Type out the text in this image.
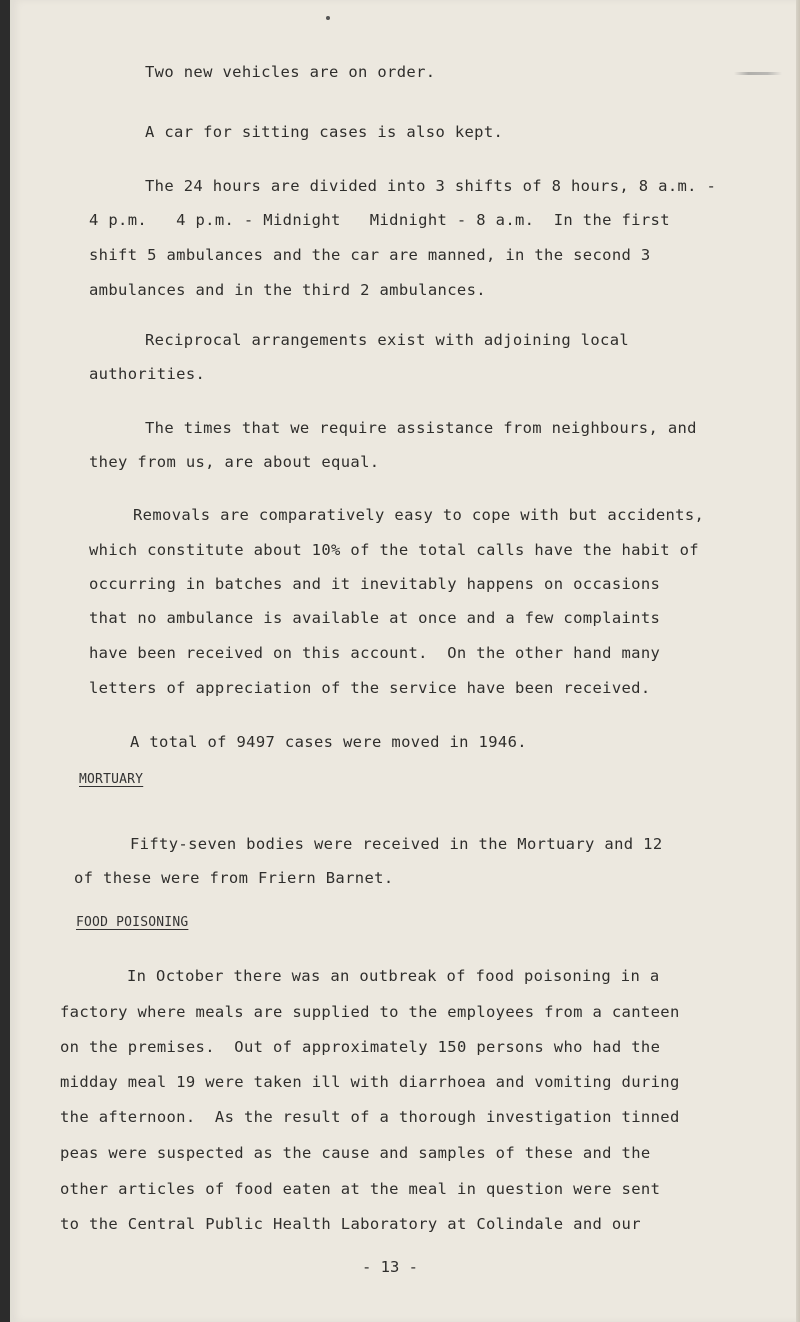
Two new vehicles are on order.
A car for sitting cases is also kept.
The 24 hours are divided into 3 shifts of 8 hours, 8 a.m. -
4 p.m.   4 p.m. - Midnight   Midnight - 8 a.m.  In the first
shift 5 ambulances and the car are manned, in the second 3
ambulances and in the third 2 ambulances.
Reciprocal arrangements exist with adjoining local
authorities.
The times that we require assistance from neighbours, and
they from us, are about equal.
Removals are comparatively easy to cope with but accidents,
which constitute about 10% of the total calls have the habit of
occurring in batches and it inevitably happens on occasions
that no ambulance is available at once and a few complaints
have been received on this account.  On the other hand many
letters of appreciation of the service have been received.
A total of 9497 cases were moved in 1946.
MORTUARY
Fifty-seven bodies were received in the Mortuary and 12
of these were from Friern Barnet.
FOOD POISONING
In October there was an outbreak of food poisoning in a
factory where meals are supplied to the employees from a canteen
on the premises.  Out of approximately 150 persons who had the
midday meal 19 were taken ill with diarrhoea and vomiting during
the afternoon.  As the result of a thorough investigation tinned
peas were suspected as the cause and samples of these and the
other articles of food eaten at the meal in question were sent
to the Central Public Health Laboratory at Colindale and our
- 13 -
